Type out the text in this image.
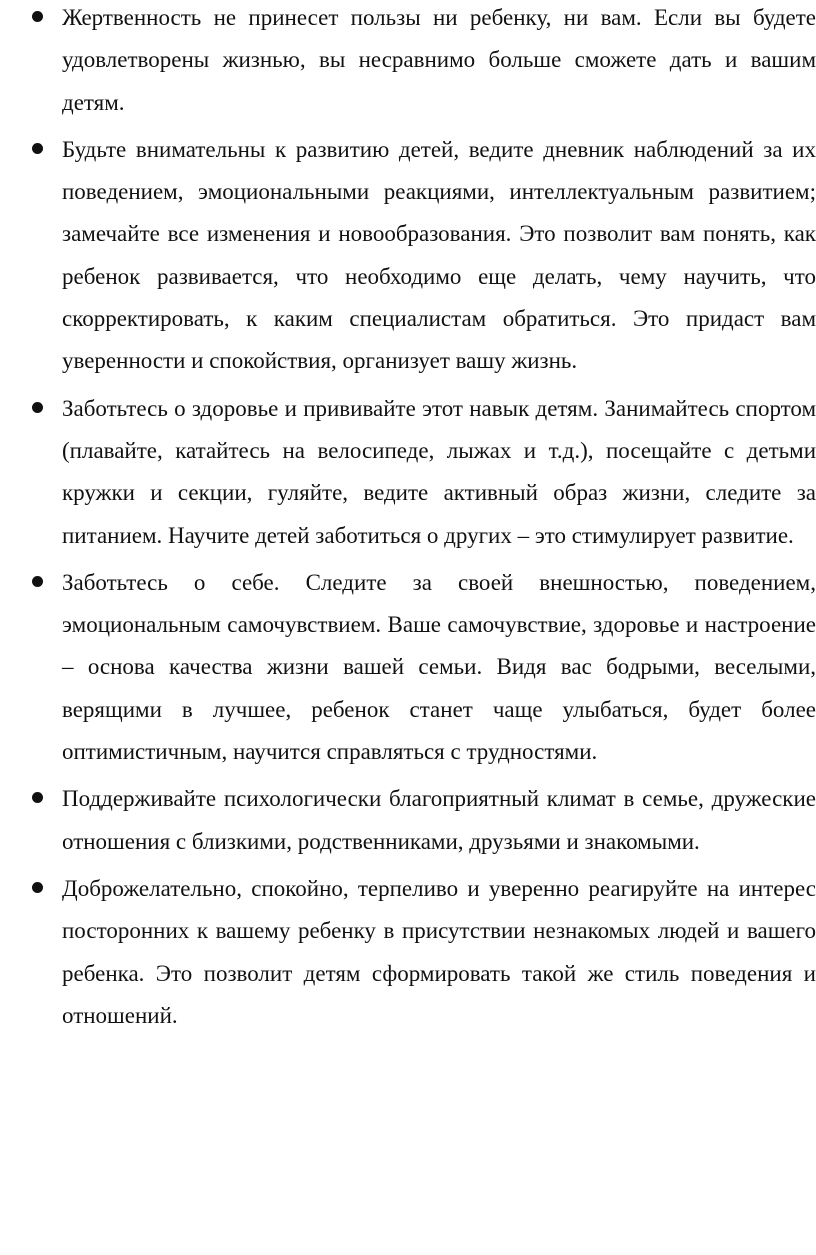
Жертвенность не принесет пользы ни ребенку, ни вам. Если вы будете удовлетворены жизнью, вы несравнимо больше сможете дать и вашим детям.
Будьте внимательны к развитию детей, ведите дневник наблюдений за их поведением, эмоциональными реакциями, интеллектуальным развитием; замечайте все изменения и новообразования. Это позволит вам понять, как ребенок развивается, что необходимо еще делать, чему научить, что скорректировать, к каким специалистам обратиться. Это придаст вам уверенности и спокойствия, организует вашу жизнь.
Заботьтесь о здоровье и прививайте этот навык детям. Занимайтесь спортом (плавайте, катайтесь на велосипеде, лыжах и т.д.), посещайте с детьми кружки и секции, гуляйте, ведите активный образ жизни, следите за питанием. Научите детей заботиться о других – это стимулирует развитие.
Заботьтесь о себе. Следите за своей внешностью, поведением, эмоциональным самочувствием. Ваше самочувствие, здоровье и настроение – основа качества жизни вашей семьи. Видя вас бодрыми, веселыми, верящими в лучшее, ребенок станет чаще улыбаться, будет более оптимистичным, научится справляться с трудностями.
Поддерживайте психологически благоприятный климат в семье, дружеские отношения с близкими, родственниками, друзьями и знакомыми.
Доброжелательно, спокойно, терпеливо и уверенно реагируйте на интерес посторонних к вашему ребенку в присутствии незнакомых людей и вашего ребенка. Это позволит детям сформировать такой же стиль поведения и отношений.
